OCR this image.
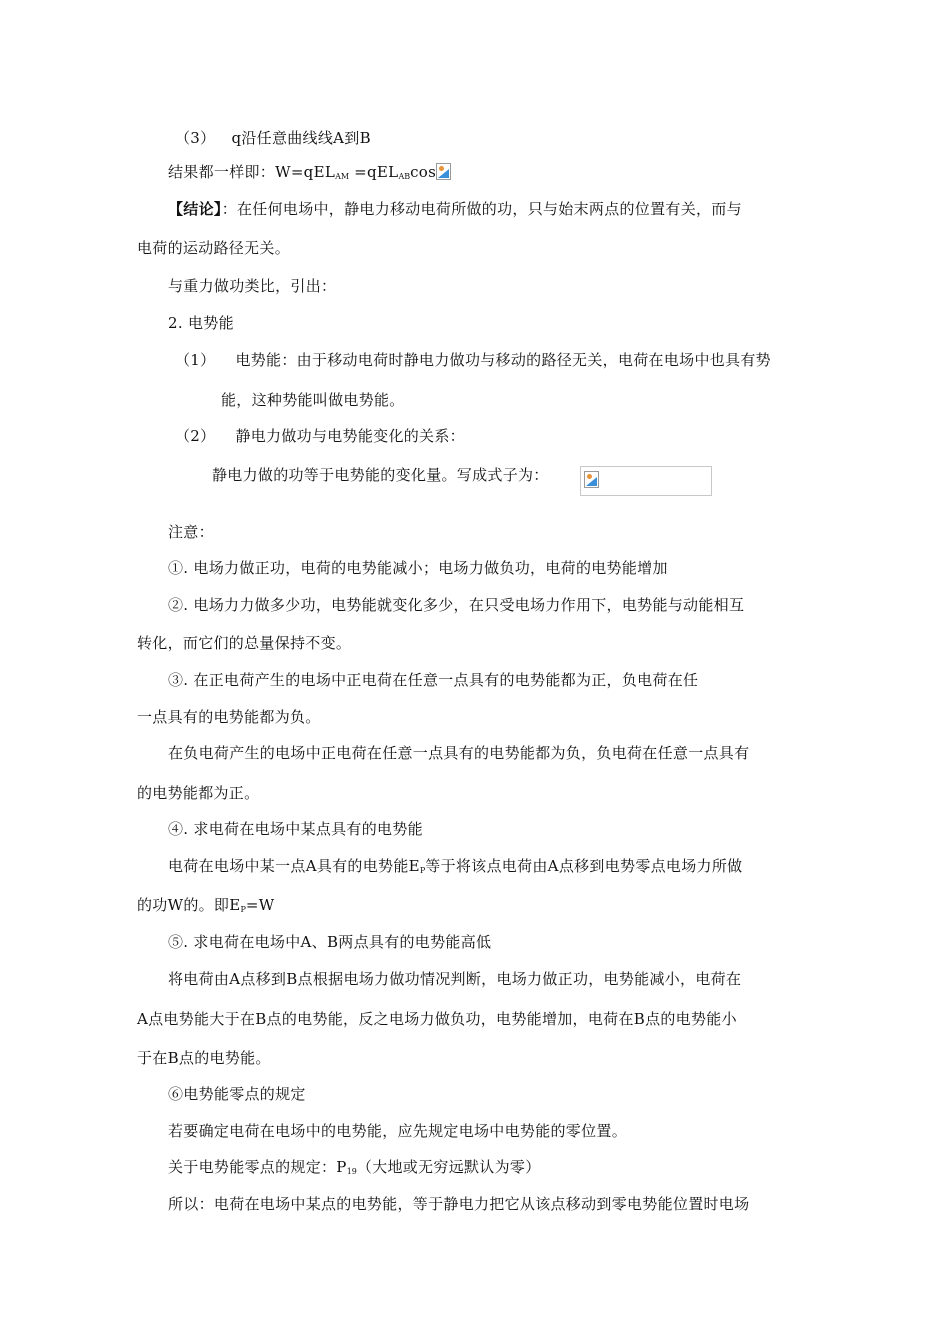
（3） q沿任意曲线线A到B
结果都一样即：W=qEL$_{AM}$ =qEL$_{AB}$cos
【结论】：在任何电场中，静电力移动电荷所做的功，只与始末两点的位置有关，而与
电荷的运动路径无关。
与重力做功类比，引出：
2. 电势能
（1） 电势能：由于移动电荷时静电力做功与移动的路径无关，电荷在电场中也具有势
能，这种势能叫做电势能。
（2） 静电力做功与电势能变化的关系：
静电力做的功等于电势能的变化量。写成式子为：
注意：
①. 电场力做正功，电荷的电势能减小；电场力做负功，电荷的电势能增加
②. 电场力力做多少功，电势能就变化多少，在只受电场力作用下，电势能与动能相互
转化，而它们的总量保持不变。
③. 在正电荷产生的电场中正电荷在任意一点具有的电势能都为正，负电荷在任
一点具有的电势能都为负。
在负电荷产生的电场中正电荷在任意一点具有的电势能都为负，负电荷在任意一点具有
的电势能都为正。
④. 求电荷在电场中某点具有的电势能
电荷在电场中某一点A具有的电势能$E_P$等于将该点电荷由A点移到电势零点电场力所做
的功W的。即$E_P=W$
⑤. 求电荷在电场中A、B两点具有的电势能高低
将电荷由A点移到B点根据电场力做功情况判断，电场力做正功，电势能减小，电荷在
A点电势能大于在B点的电势能，反之电场力做负功，电势能增加，电荷在B点的电势能小
于在B点的电势能。
⑥电势能零点的规定
若要确定电荷在电场中的电势能，应先规定电场中电势能的零位置。
关于电势能零点的规定：$P_{19}$（大地或无穷远默认为零）
所以：电荷在电场中某点的电势能，等于静电力把它从该点移动到零电势能位置时电场
